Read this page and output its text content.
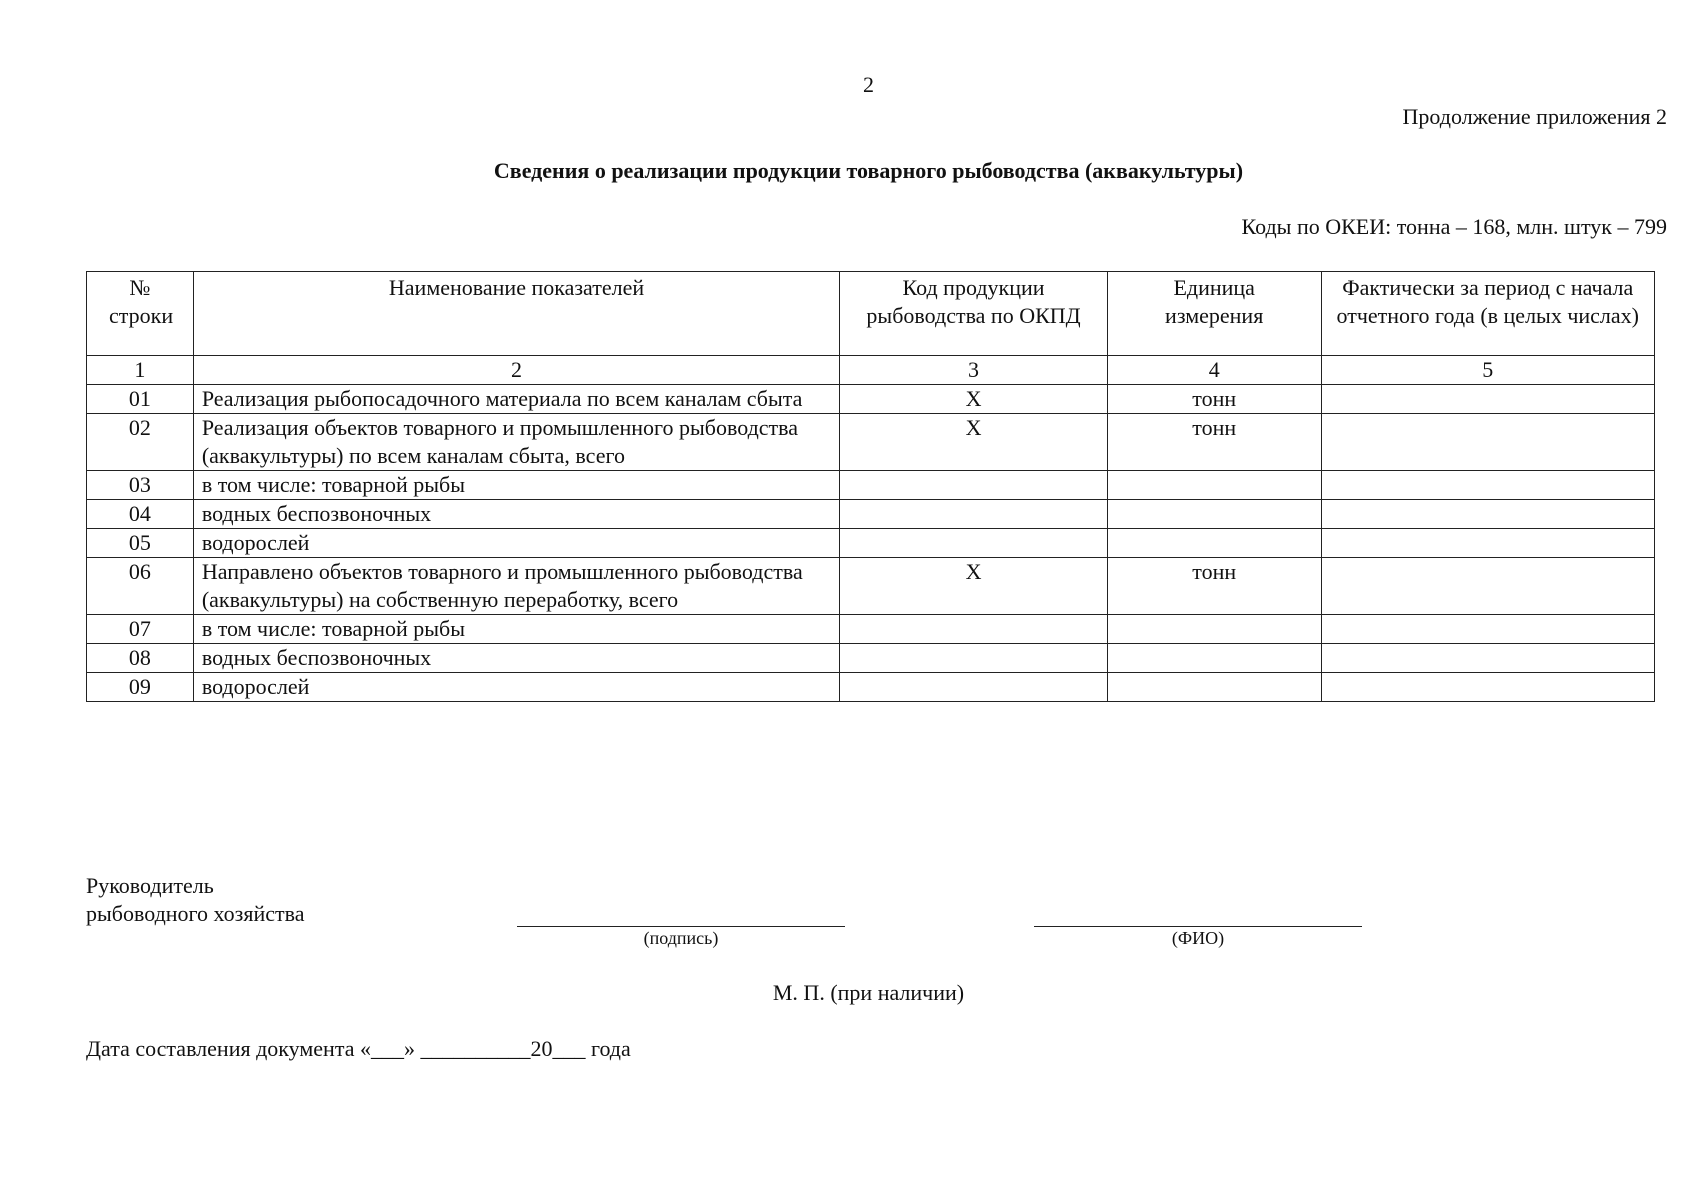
2
Продолжение приложения 2
Сведения о реализации продукции товарного рыбоводства (аквакультуры)
Коды по ОКЕИ: тонна – 168, млн. штук – 799
№ строки	Наименование показателей	Код продукции рыбоводства по ОКПД	Единица измерения	Фактически за период с начала отчетного года (в целых числах)
1	2	3	4	5
01	Реализация рыбопосадочного материала по всем каналам сбыта	Х	тонн	
02	Реализация объектов товарного и промышленного рыбоводства (аквакультуры) по всем каналам сбыта, всего	Х	тонн	
03	в том числе: товарной рыбы			
04	водных беспозвоночных			
05	водорослей			
06	Направлено объектов товарного и промышленного рыбоводства (аквакультуры) на собственную переработку, всего	Х	тонн	
07	в том числе: товарной рыбы			
08	водных беспозвоночных			
09	водорослей			
Руководитель
рыбоводного хозяйства
(подпись)	(ФИО)
М. П. (при наличии)
Дата составления документа «___» __________20___ года
